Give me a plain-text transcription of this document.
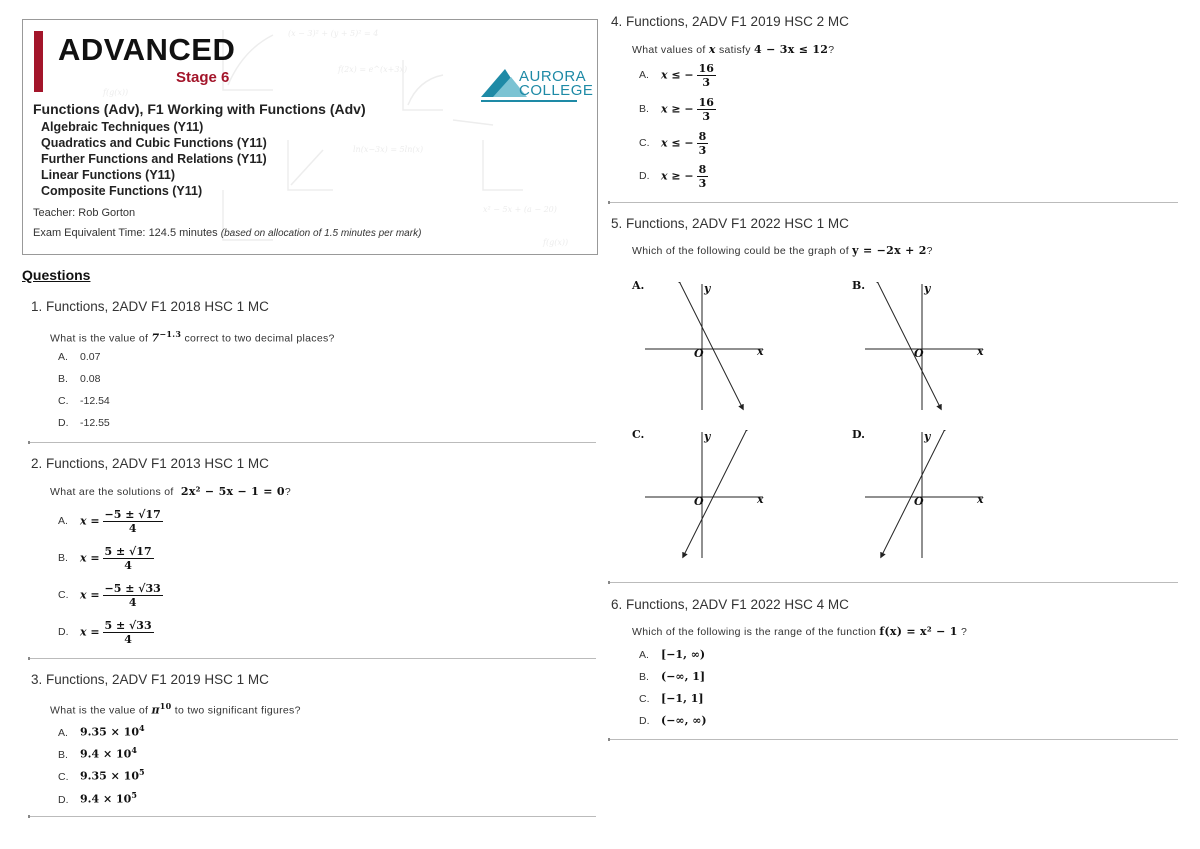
f(g(x))
(x − 3)² + (y + 5)² = 4
f(2x) = e^(x+3x)
x² − 5x + (a − 20)
f(g(x))
ln(x−3x) = 5ln(x)
ADVANCED
Stage 6	AURORA
COLLEGE
Functions (Adv), F1 Working with Functions (Adv)
Algebraic Techniques (Y11)
Quadratics and Cubic Functions (Y11)
Further Functions and Relations (Y11)
Linear Functions (Y11)
Composite Functions (Y11)
Teacher: Rob Gorton
Exam Equivalent Time: 124.5 minutes (based on allocation of 1.5 minutes per mark)
Questions
1. Functions, 2ADV F1 2018 HSC 1 MC
What is the value of $7^{-1.3}$ correct to two decimal places?
A. 0.07
B. 0.08
C. -12.54
D. -12.55
2. Functions, 2ADV F1 2013 HSC 1 MC
What are the solutions of 2x² − 5x − 1 = 0?
A. $x = \frac{-5 \pm √17}{4}$
B. $x = \frac{5 \pm √17}{4}$
C. $x = \frac{-5 \pm √33}{4}$
D. $x = \frac{5 \pm √33}{4}$
3. Functions, 2ADV F1 2019 HSC 1 MC
What is the value of $\pi^{10}$ to two significant figures?
A. $9.35 \times 10^4$
B. $9.4 \times 10^4$
C. $9.35 \times 10^5$
D. $9.4 \times 10^5$
4. Functions, 2ADV F1 2019 HSC 2 MC
What values of x satisfy 4 − 3x ≤ 12?
A. x ≤ − $\frac{16}{3}$
B. x ≥ − $\frac{16}{3}$
C. x ≤ − $\frac{8}{3}$
D. x ≥ − $\frac{8}{3}$
5. Functions, 2ADV F1 2022 HSC 1 MC
Which of the following could be the graph of y = −2x + 2?
A.
x
y
O
B.
x
y
O
C.
x
y
O
D.
x
y
O
6. Functions, 2ADV F1 2022 HSC 4 MC
Which of the following is the range of the function f(x) = x² − 1 ?
A. [−1, ∞)
B. (−∞, 1]
C. [−1, 1]
D. (−∞, ∞)
